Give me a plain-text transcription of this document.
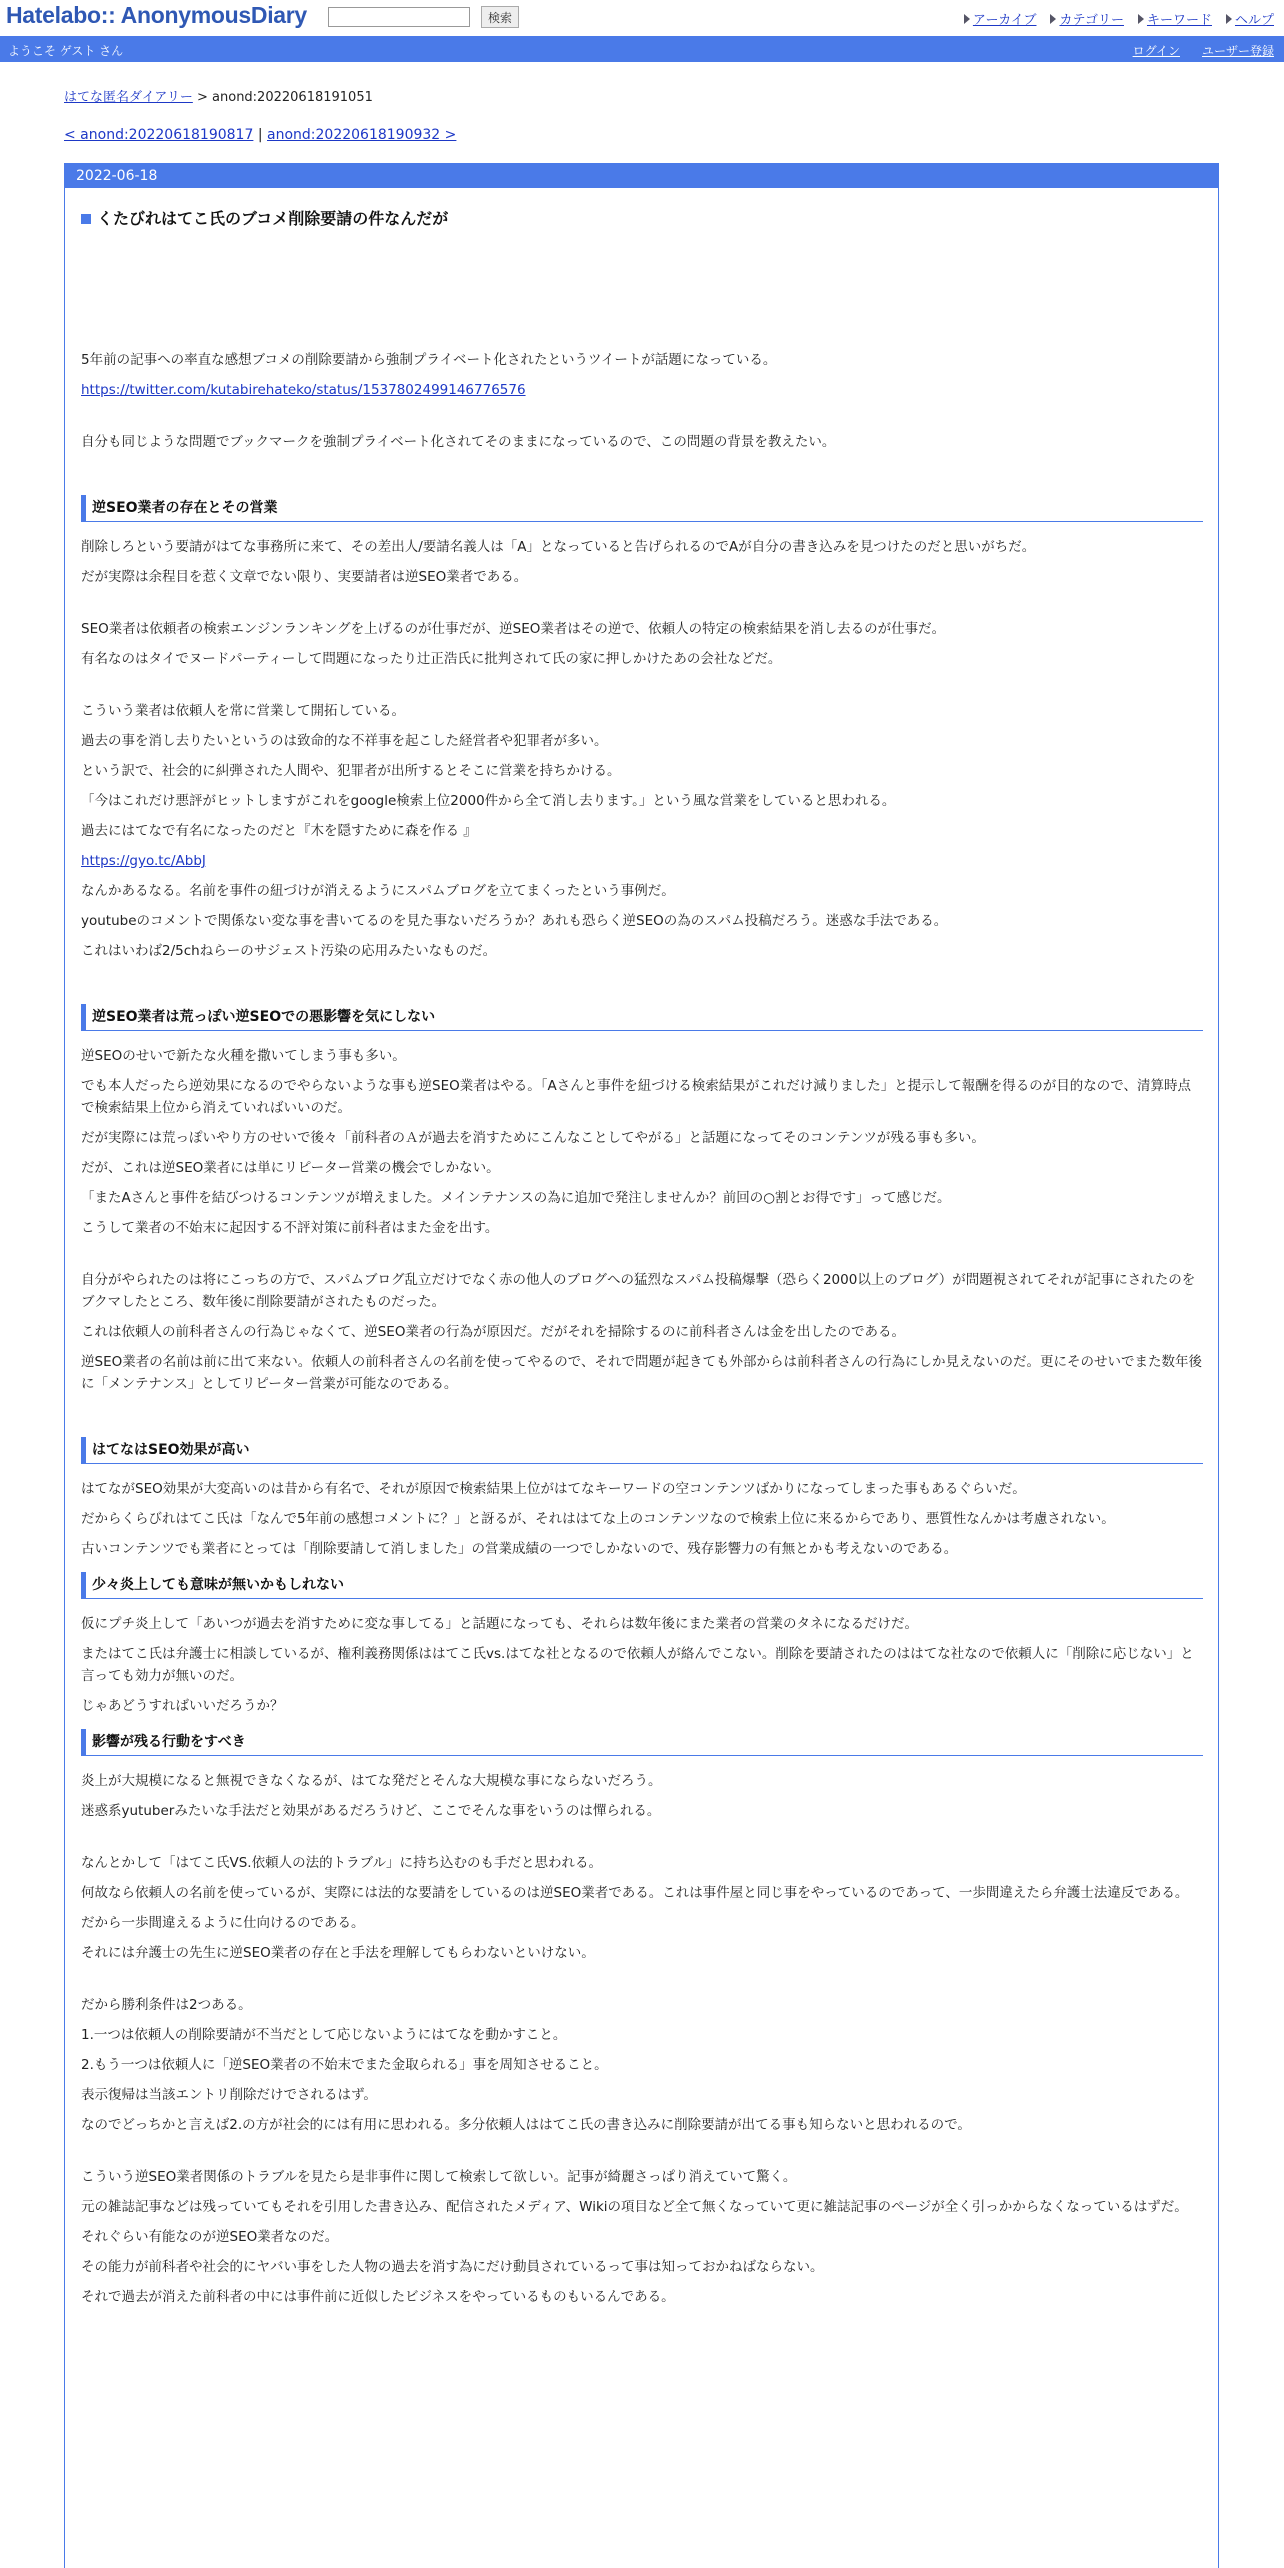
Hatelabo:: AnonymousDiary	検索	アーカイブ カテゴリー キーワード ヘルプ
ようこそ ゲスト さん	ログイン ユーザー登録
はてな匿名ダイアリー > anond:20220618191051
< anond:20220618190817 | anond:20220618190932 >
2022-06-18
くたびれはてこ氏のブコメ削除要請の件なんだが

5年前の記事への率直な感想ブコメの削除要請から強制プライベート化されたというツイートが話題になっている。

https://twitter.com/kutabirehateko/status/1537802499146776576

自分も同じような問題でブックマークを強制プライベート化されてそのままになっているので、この問題の背景を教えたい。

逆SEO業者の存在とその営業

削除しろという要請がはてな事務所に来て、その差出人/要請名義人は「A」となっていると告げられるのでAが自分の書き込みを見つけたのだと思いがちだ。

だが実際は余程目を惹く文章でない限り、実要請者は逆SEO業者である。

SEO業者は依頼者の検索エンジンランキングを上げるのが仕事だが、逆SEO業者はその逆で、依頼人の特定の検索結果を消し去るのが仕事だ。

有名なのはタイでヌードパーティーして問題になったり辻正浩氏に批判されて氏の家に押しかけたあの会社などだ。

こういう業者は依頼人を常に営業して開拓している。

過去の事を消し去りたいというのは致命的な不祥事を起こした経営者や犯罪者が多い。

という訳で、社会的に糾弾された人間や、犯罪者が出所するとそこに営業を持ちかける。

「今はこれだけ悪評がヒットしますがこれをgoogle検索上位2000件から全て消し去ります。」という風な営業をしていると思われる。

過去にはてなで有名になったのだと『木を隠すために森を作る 』

https://gyo.tc/AbbJ

なんかあるなる。名前を事件の紐づけが消えるようにスパムブログを立てまくったという事例だ。

youtubeのコメントで関係ない変な事を書いてるのを見た事ないだろうか？あれも恐らく逆SEOの為のスパム投稿だろう。迷惑な手法である。

これはいわば2/5chねらーのサジェスト汚染の応用みたいなものだ。

逆SEO業者は荒っぽい逆SEOでの悪影響を気にしない

逆SEOのせいで新たな火種を撒いてしまう事も多い。

でも本人だったら逆効果になるのでやらないような事も逆SEO業者はやる。「Aさんと事件を紐づける検索結果がこれだけ減りました」と提示して報酬を得るのが目的なので、清算時点で検索結果上位から消えていればいいのだ。

だが実際には荒っぽいやり方のせいで後々「前科者のＡが過去を消すためにこんなことしてやがる」と話題になってそのコンテンツが残る事も多い。

だが、これは逆SEO業者には単にリピーター営業の機会でしかない。

「またAさんと事件を結びつけるコンテンツが増えました。メインテナンスの為に追加で発注しませんか？前回の○割とお得です」って感じだ。

こうして業者の不始末に起因する不評対策に前科者はまた金を出す。

自分がやられたのは将にこっちの方で、スパムブログ乱立だけでなく赤の他人のブログへの猛烈なスパム投稿爆撃（恐らく2000以上のブログ）が問題視されてそれが記事にされたのをブクマしたところ、数年後に削除要請がされたものだった。

これは依頼人の前科者さんの行為じゃなくて、逆SEO業者の行為が原因だ。だがそれを掃除するのに前科者さんは金を出したのである。

逆SEO業者の名前は前に出て来ない。依頼人の前科者さんの名前を使ってやるので、それで問題が起きても外部からは前科者さんの行為にしか見えないのだ。更にそのせいでまた数年後に「メンテナンス」としてリピーター営業が可能なのである。

はてなはSEO効果が高い

はてながSEO効果が大変高いのは昔から有名で、それが原因で検索結果上位がはてなキーワードの空コンテンツばかりになってしまった事もあるぐらいだ。

だからくらびれはてこ氏は「なんで5年前の感想コメントに？」と訝るが、それははてな上のコンテンツなので検索上位に来るからであり、悪質性なんかは考慮されない。

古いコンテンツでも業者にとっては「削除要請して消しました」の営業成績の一つでしかないので、残存影響力の有無とかも考えないのである。

少々炎上しても意味が無いかもしれない

仮にプチ炎上して「あいつが過去を消すために変な事してる」と話題になっても、それらは数年後にまた業者の営業のタネになるだけだ。

またはてこ氏は弁護士に相談しているが、権利義務関係ははてこ氏vs.はてな社となるので依頼人が絡んでこない。削除を要請されたのははてな社なので依頼人に「削除に応じない」と言っても効力が無いのだ。

じゃあどうすればいいだろうか？

影響が残る行動をすべき

炎上が大規模になると無視できなくなるが、はてな発だとそんな大規模な事にならないだろう。

迷惑系yutuberみたいな手法だと効果があるだろうけど、ここでそんな事をいうのは憚られる。

なんとかして「はてこ氏VS.依頼人の法的トラブル」に持ち込むのも手だと思われる。

何故なら依頼人の名前を使っているが、実際には法的な要請をしているのは逆SEO業者である。これは事件屋と同じ事をやっているのであって、一歩間違えたら弁護士法違反である。

だから一歩間違えるように仕向けるのである。

それには弁護士の先生に逆SEO業者の存在と手法を理解してもらわないといけない。

だから勝利条件は2つある。

1.一つは依頼人の削除要請が不当だとして応じないようにはてなを動かすこと。

2.もう一つは依頼人に「逆SEO業者の不始末でまた金取られる」事を周知させること。

表示復帰は当該エントリ削除だけでされるはず。

なのでどっちかと言えば2.の方が社会的には有用に思われる。多分依頼人ははてこ氏の書き込みに削除要請が出てる事も知らないと思われるので。

こういう逆SEO業者関係のトラブルを見たら是非事件に関して検索して欲しい。記事が綺麗さっぱり消えていて驚く。

元の雑誌記事などは残っていてもそれを引用した書き込み、配信されたメディア、Wikiの項目など全て無くなっていて更に雑誌記事のページが全く引っかからなくなっているはずだ。

それぐらい有能なのが逆SEO業者なのだ。

その能力が前科者や社会的にヤバい事をした人物の過去を消す為にだけ動員されているって事は知っておかねばならない。

それで過去が消えた前科者の中には事件前に近似したビジネスをやっているものもいるんである。
